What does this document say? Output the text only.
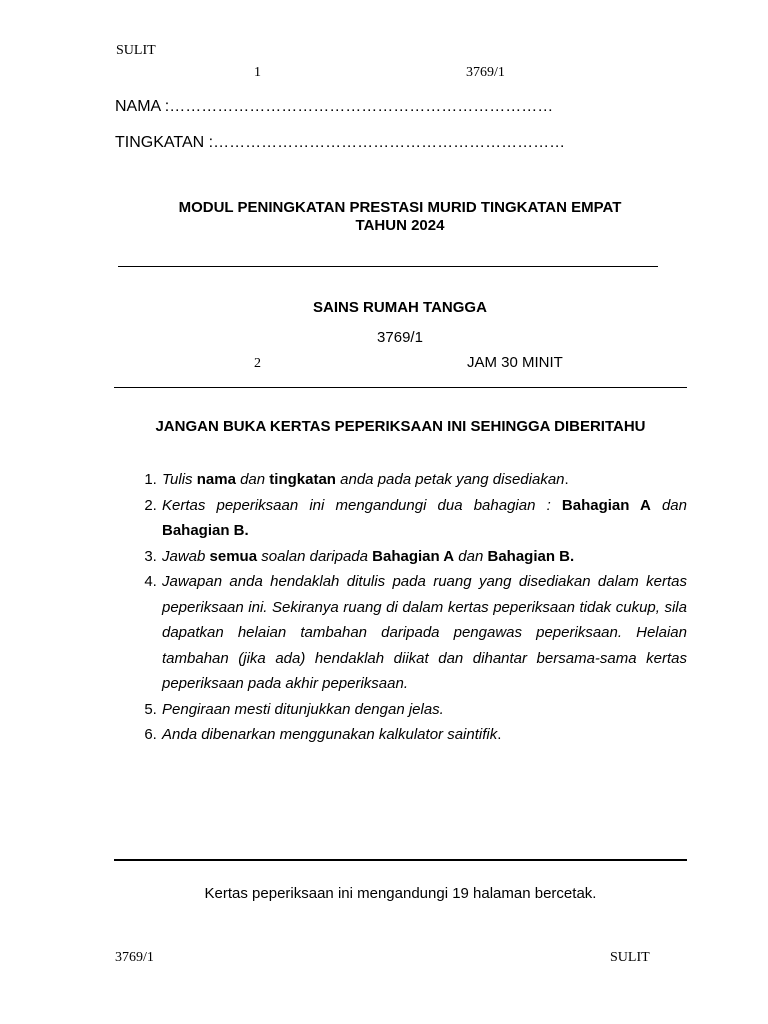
SULIT
1	3769/1
NAMA :………………………………………………………………
TINGKATAN :…………………………………………………………
MODUL PENINGKATAN PRESTASI MURID TINGKATAN EMPAT
TAHUN 2024
SAINS RUMAH TANGGA
3769/1
2	JAM 30 MINIT
JANGAN BUKA KERTAS PEPERIKSAAN INI SEHINGGA DIBERITAHU
1. Tulis nama dan tingkatan anda pada petak yang disediakan.
2. Kertas peperiksaan ini mengandungi dua bahagian : Bahagian A dan Bahagian B.
3. Jawab semua soalan daripada Bahagian A dan Bahagian B.
4. Jawapan anda hendaklah ditulis pada ruang yang disediakan dalam kertas peperiksaan ini. Sekiranya ruang di dalam kertas peperiksaan tidak cukup, sila dapatkan helaian tambahan daripada pengawas peperiksaan. Helaian tambahan (jika ada) hendaklah diikat dan dihantar bersama-sama kertas peperiksaan pada akhir peperiksaan.
5. Pengiraan mesti ditunjukkan dengan jelas.
6. Anda dibenarkan menggunakan kalkulator saintifik.
Kertas peperiksaan ini mengandungi 19 halaman bercetak.
3769/1	SULIT
